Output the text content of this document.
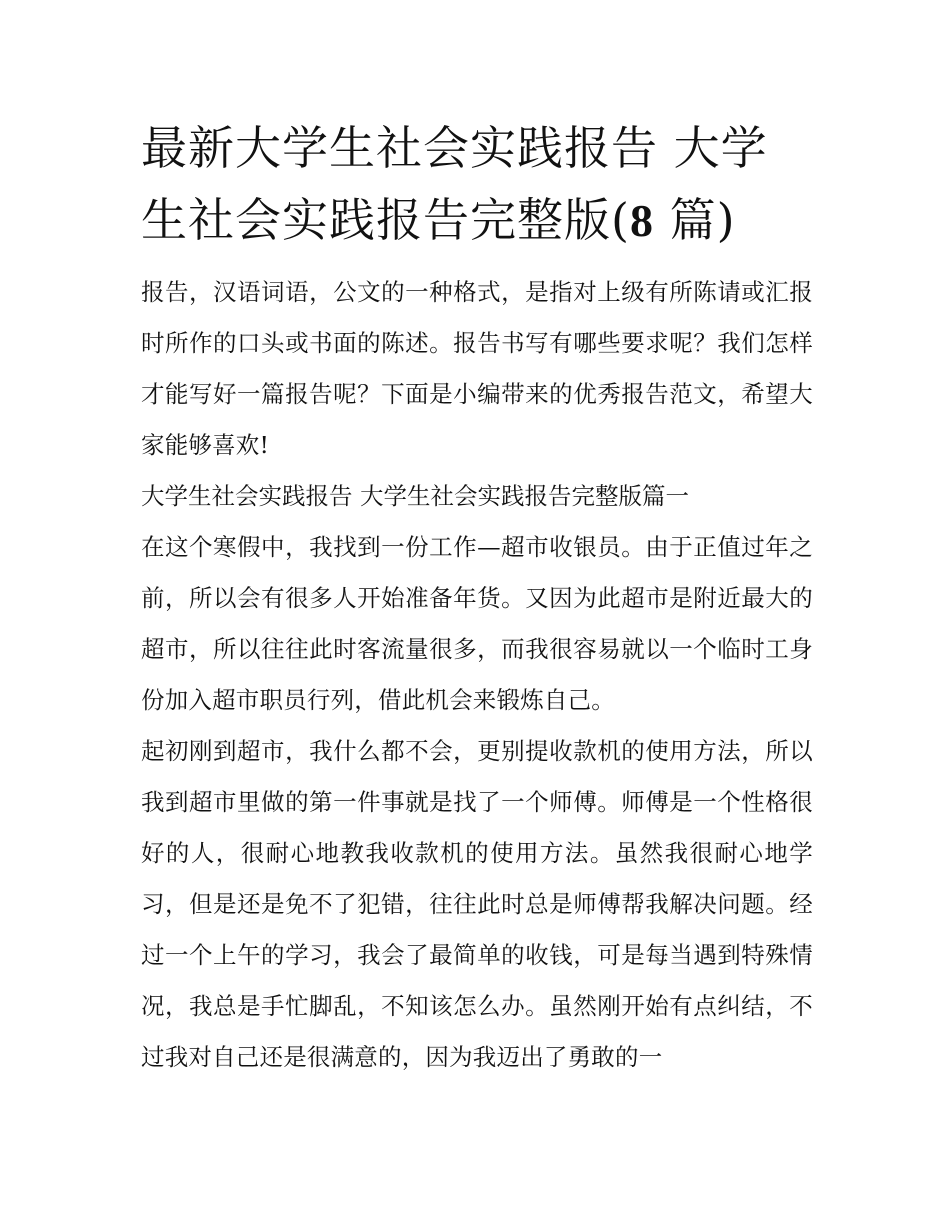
最新大学生社会实践报告 大学生社会实践报告完整版(8 篇)

报告，汉语词语，公文的一种格式，是指对上级有所陈请或汇报时所作的口头或书面的陈述。报告书写有哪些要求呢？我们怎样才能写好一篇报告呢？下面是小编带来的优秀报告范文，希望大家能够喜欢!

大学生社会实践报告 大学生社会实践报告完整版篇一

在这个寒假中，我找到一份工作—超市收银员。由于正值过年之前，所以会有很多人开始准备年货。又因为此超市是附近最大的超市，所以往往此时客流量很多，而我很容易就以一个临时工身份加入超市职员行列，借此机会来锻炼自己。

起初刚到超市，我什么都不会，更别提收款机的使用方法，所以我到超市里做的第一件事就是找了一个师傅。师傅是一个性格很好的人，很耐心地教我收款机的使用方法。虽然我很耐心地学习，但是还是免不了犯错，往往此时总是师傅帮我解决问题。经过一个上午的学习，我会了最简单的收钱，可是每当遇到特殊情况，我总是手忙脚乱，不知该怎么办。虽然刚开始有点纠结，不过我对自己还是很满意的，因为我迈出了勇敢的一
